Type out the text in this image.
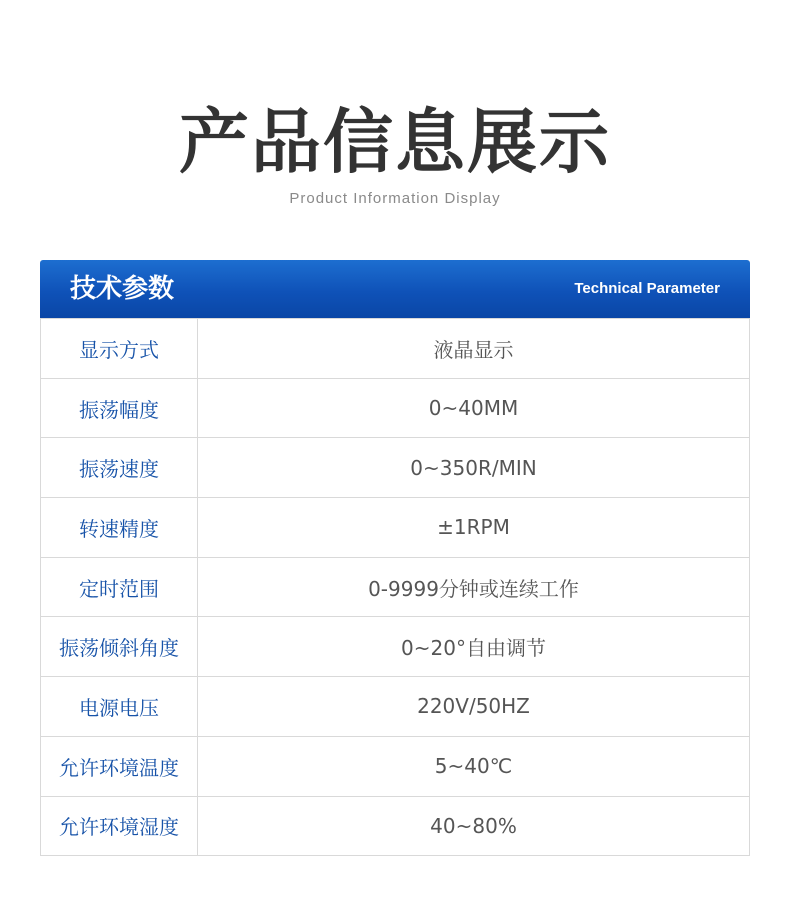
产品信息展示
Product Information Display
技术参数	Technical Parameter
显示方式	液晶显示
振荡幅度	0~40MM
振荡速度	0~350R/MIN
转速精度	±1RPM
定时范围	0-9999分钟或连续工作
振荡倾斜角度	0~20°自由调节
电源电压	220V/50HZ
允许环境温度	5~40℃
允许环境湿度	40~80%
